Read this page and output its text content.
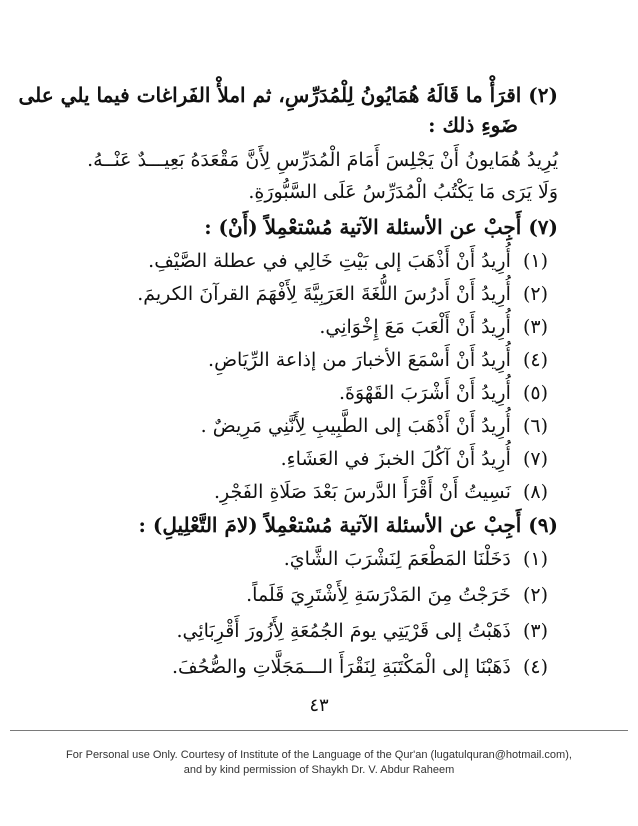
(٢) اقرَأْ ما قَالَهُ هُمَايُونُ لِلْمُدَرِّسِ، ثم املأْ الفَراغات فيما يلي على
ضَوءِ ذلك :
يُرِيدُ هُمَايونُ أَنْ يَجْلِسَ أَمَامَ الْمُدَرِّسِ لِأَنَّ مَقْعَدَهُ بَعِيـــدٌ عَنْــهُ.
وَلَا يَرَى مَا يَكْتُبُ الْمُدَرِّسُ عَلَى السَّبُّورَةِ.
(٧) أَجِبْ عن الأسئلة الآتية مُسْتعْمِلاً (أَنْ) :
(١) أُرِيدُ أَنْ أَذْهَبَ إلى بَيْتِ خَالِي في عطلة الصَّيْفِ.
(٢) أُرِيدُ أَنْ أَدرُسَ اللُّغَةَ العَرَبِيَّةَ لِأَفْهَمَ القرآنَ الكريمَ.
(٣) أُرِيدُ أَنْ أَلْعَبَ مَعَ إِخْوَانِي.
(٤) أُرِيدُ أَنْ أَسْمَعَ الأخبارَ من إذاعة الرِّيَاضِ.
(٥) أُرِيدُ أَنْ أَشْرَبَ القَهْوَةَ.
(٦) أُرِيدُ أَنْ أَذْهَبَ إلى الطَّبِيبِ لِأَنَّنِي مَرِيضٌ .
(٧) أُرِيدُ أَنْ آكُلَ الخبزَ في العَشَاءِ.
(٨) نَسِيتُ أَنْ أَقْرَأَ الدَّرسَ بَعْدَ صَلَاةِ الفَجْرِ.
(٩) أَجِبْ عن الأسئلة الآتية مُسْتعْمِلاً (لامَ التَّعْلِيلِ) :
(١) دَخَلْنَا المَطْعَمَ لِنَشْرَبَ الشَّايَ.
(٢) خَرَجْتُ مِنَ المَدْرَسَةِ لِأَشْتَرِيَ قَلَماً.
(٣) ذَهَبْتُ إلى قَرْيَتِي يومَ الجُمُعَةِ لِأَزُورَ أَقْرِبَائِي.
(٤) ذَهَبْنَا إلى الْمَكْتَبَةِ لِنَقْرَأَ الـــمَجَلَّاتِ والصُّحُفَ.
٤٣
For Personal use Only. Courtesy of Institute of the Language of the Qur'an (lugatulquran@hotmail.com),
and by kind permission of Shaykh Dr. V. Abdur Raheem
